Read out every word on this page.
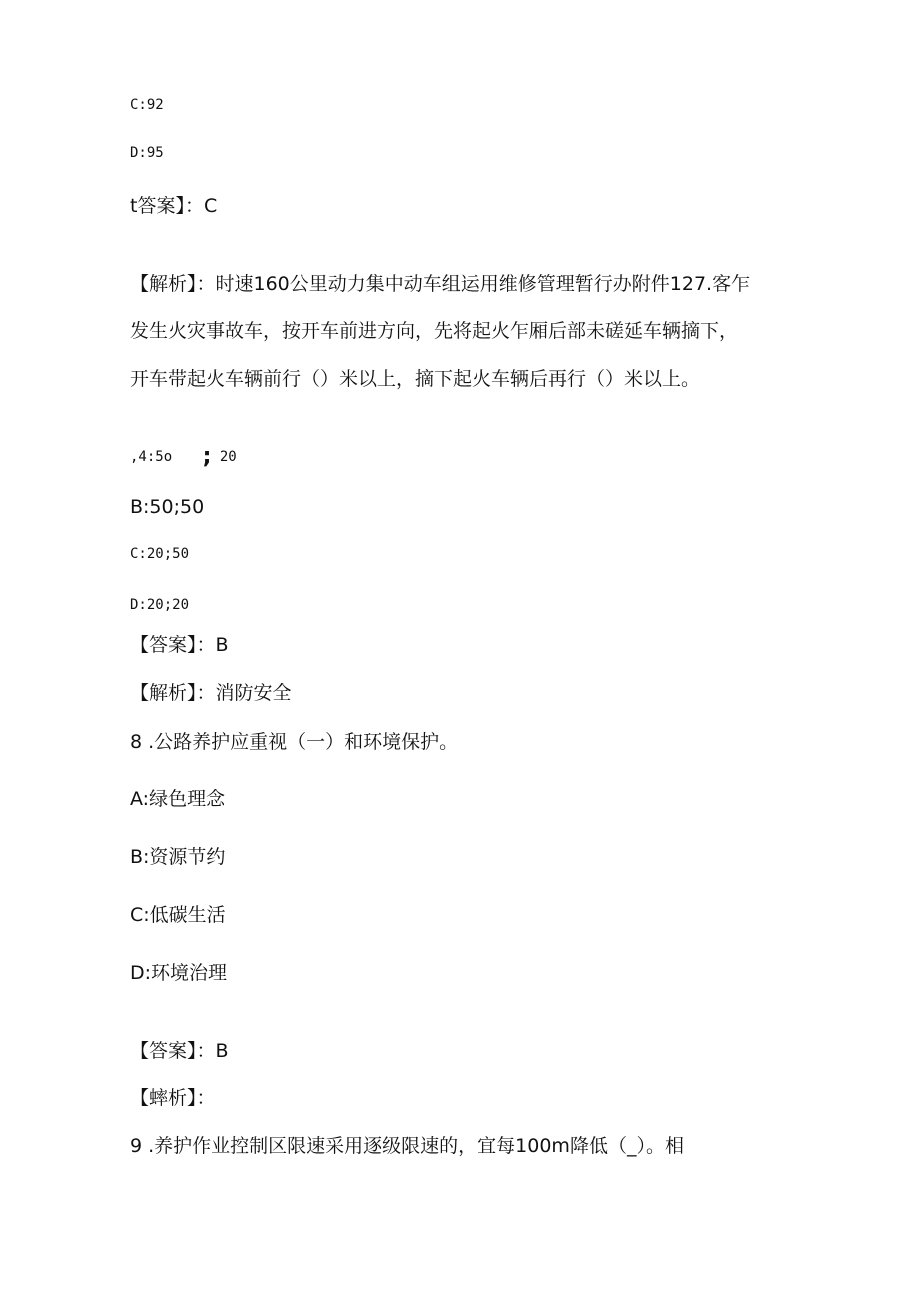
C:92
D:95
t答案】：C
【解析】：时速160公里动力集中动车组运用维修管理暂行办附件127.客乍
发生火灾事故车，按开车前进方向，先将起火乍厢后部未磋延车辆摘下，
开车带起火车辆前行（）米以上，摘下起火车辆后再行（）米以上。
,4:5ο ; 20
B:50;50
C:20;50
D:20;20
【答案】：B
【解析】：消防安全
8 .公路养护应重视（一）和环境保护。
A:绿色理念
B:资源节约
C:低碳生活
D:环境治理
【答案】：B
【蟀析】：
9 .养护作业控制区限速采用逐级限速的，宜每100m降低（_）。相
